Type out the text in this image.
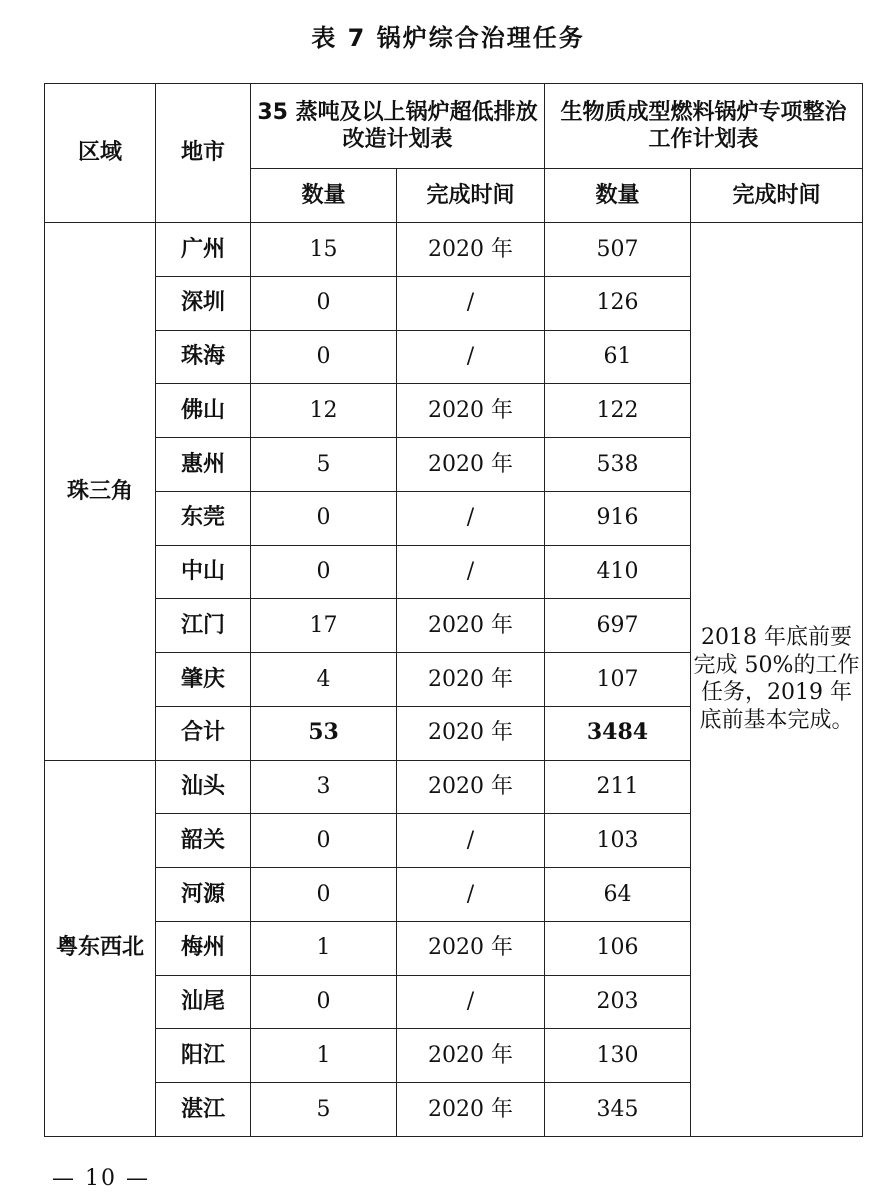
表 7 锅炉综合治理任务
区域	地市	35 蒸吨及以上锅炉超低排放改造计划表		生物质成型燃料锅炉专项整治工作计划表	
		数量	完成时间	数量	完成时间
珠三角	广州	15	2020 年	507	2018 年底前要完成 50%的工作任务，2019 年底前基本完成。
	深圳	0	/	126	
	珠海	0	/	61	
	佛山	12	2020 年	122	
	惠州	5	2020 年	538	
	东莞	0	/	916	
	中山	0	/	410	
	江门	17	2020 年	697	
	肇庆	4	2020 年	107	
	合计	53	2020 年	3484	
粤东西北	汕头	3	2020 年	211	
	韶关	0	/	103	
	河源	0	/	64	
	梅州	1	2020 年	106	
	汕尾	0	/	203	
	阳江	1	2020 年	130	
	湛江	5	2020 年	345	
— 10 —
